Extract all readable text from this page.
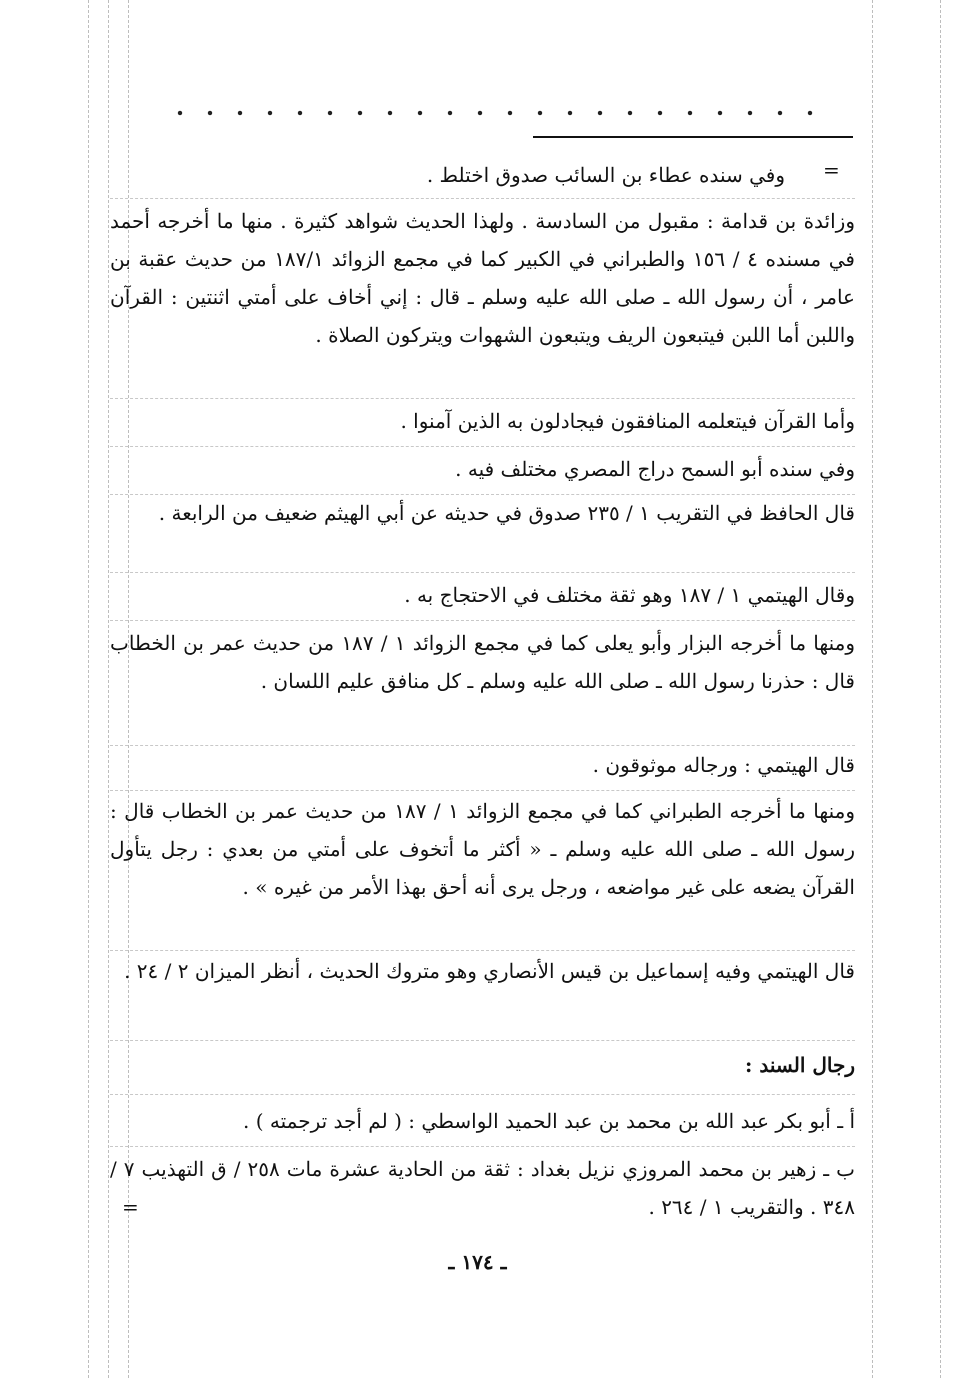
=

وفي سنده عطاء بن السائب صدوق اختلط .

وزائدة بن قدامة : مقبول من السادسة . ولهذا الحديث شواهد كثيرة . منها ما أخرجه أحمد في مسنده ٤ / ١٥٦ والطبراني في الكبير كما في مجمع الزوائد ١٨٧/١ من حديث عقبة بن عامر ، أن رسول الله ـ صلى الله عليه وسلم ـ قال : إني أخاف على أمتي اثنتين : القرآن واللبن أما اللبن فيتبعون الريف ويتبعون الشهوات ويتركون الصلاة .

وأما القرآن فيتعلمه المنافقون فيجادلون به الذين آمنوا .

وفي سنده أبو السمح دراج المصري مختلف فيه .

قال الحافظ في التقريب ١ / ٢٣٥ صدوق في حديثه عن أبي الهيثم ضعيف من الرابعة .

وقال الهيتمي ١ / ١٨٧ وهو ثقة مختلف في الاحتجاج به .

ومنها ما أخرجه البزار وأبو يعلى كما في مجمع الزوائد ١ / ١٨٧ من حديث عمر بن الخطاب قال : حذرنا رسول الله ـ صلى الله عليه وسلم ـ كل منافق عليم اللسان .

قال الهيتمي : ورجاله موثوقون .

ومنها ما أخرجه الطبراني كما في مجمع الزوائد ١ / ١٨٧ من حديث عمر بن الخطاب قال : رسول الله ـ صلى الله عليه وسلم ـ « أكثر ما أتخوف على أمتي من بعدي : رجل يتأول القرآن يضعه على غير مواضعه ، ورجل يرى أنه أحق بهذا الأمر من غيره » .

قال الهيتمي وفيه إسماعيل بن قيس الأنصاري وهو متروك الحديث ، أنظر الميزان ٢ / ٢٤ .

رجال السند :

أ ـ أبو بكر عبد الله بن محمد بن عبد الحميد الواسطي : ( لم أجد ترجمته ) .

ب ـ زهير بن محمد المروزي نزيل بغداد : ثقة من الحادية عشرة مات ٢٥٨ / ق التهذيب ٧ / ٣٤٨ . والتقريب ١ / ٢٦٤ .

=
ـ ١٧٤ ـ
